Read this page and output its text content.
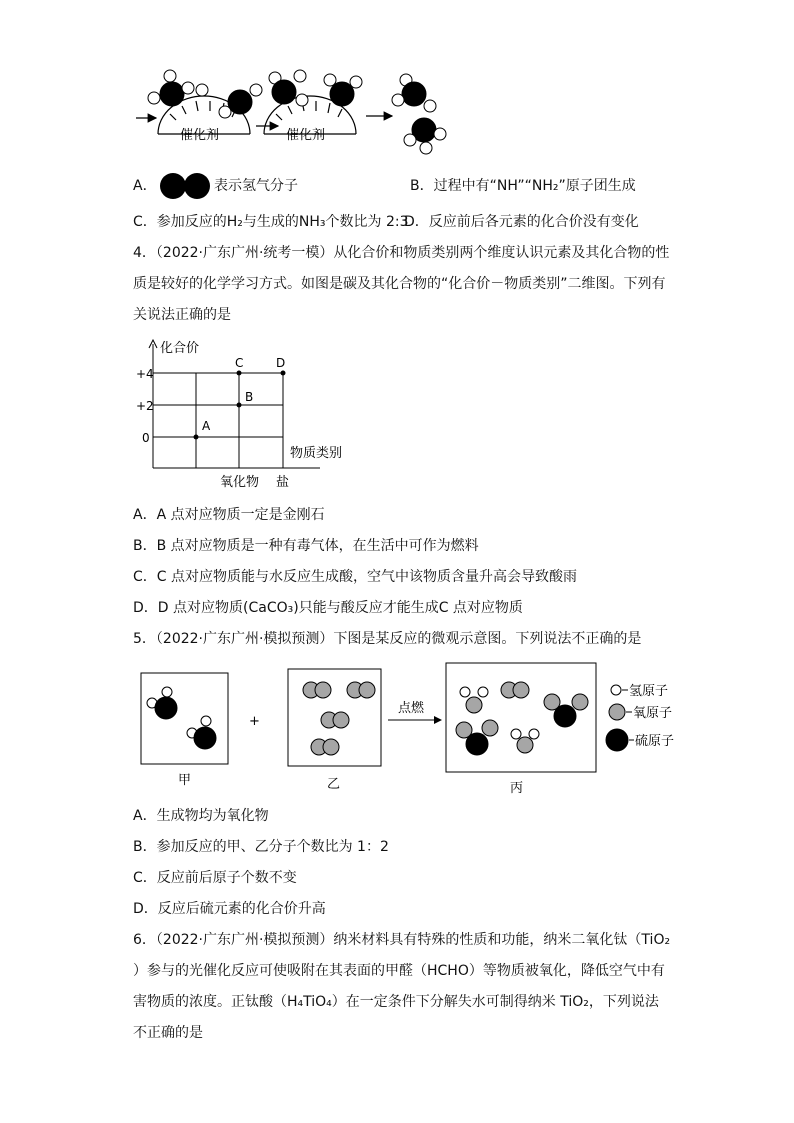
催化剂	催化剂
A．	表示氢气分子	B．过程中有“NH”“NH₂”原子团生成
C．参加反应的H₂与生成的NH₃个数比为 2:3
D．反应前后各元素的化合价没有变化
4．（2022·广东广州·统考一模）从化合价和物质类别两个维度认识元素及其化合物的性
质是较好的化学学习方式。如图是碳及其化合物的“化合价－物质类别”二维图。下列有
关说法正确的是
化合价
物质类别
+4
+2
0
氧化物 盐
A
B
C	D
A．A 点对应物质一定是金刚石
B．B 点对应物质是一种有毒气体，在生活中可作为燃料
C．C 点对应物质能与水反应生成酸，空气中该物质含量升高会导致酸雨
D．D 点对应物质(CaCO₃)只能与酸反应才能生成C 点对应物质
5．（2022·广东广州·模拟预测）下图是某反应的微观示意图。下列说法不正确的是
点燃
+
氢原子
氧原子
硫原子
甲	乙	丙
A．生成物均为氧化物
B．参加反应的甲、乙分子个数比为 1：2
C．反应前后原子个数不变
D．反应后硫元素的化合价升高
6．（2022·广东广州·模拟预测）纳米材料具有特殊的性质和功能，纳米二氧化钛（TiO₂
）参与的光催化反应可使吸附在其表面的甲醛（HCHO）等物质被氧化，降低空气中有
害物质的浓度。正钛酸（H₄TiO₄）在一定条件下分解失水可制得纳米 TiO₂，下列说法
不正确的是
